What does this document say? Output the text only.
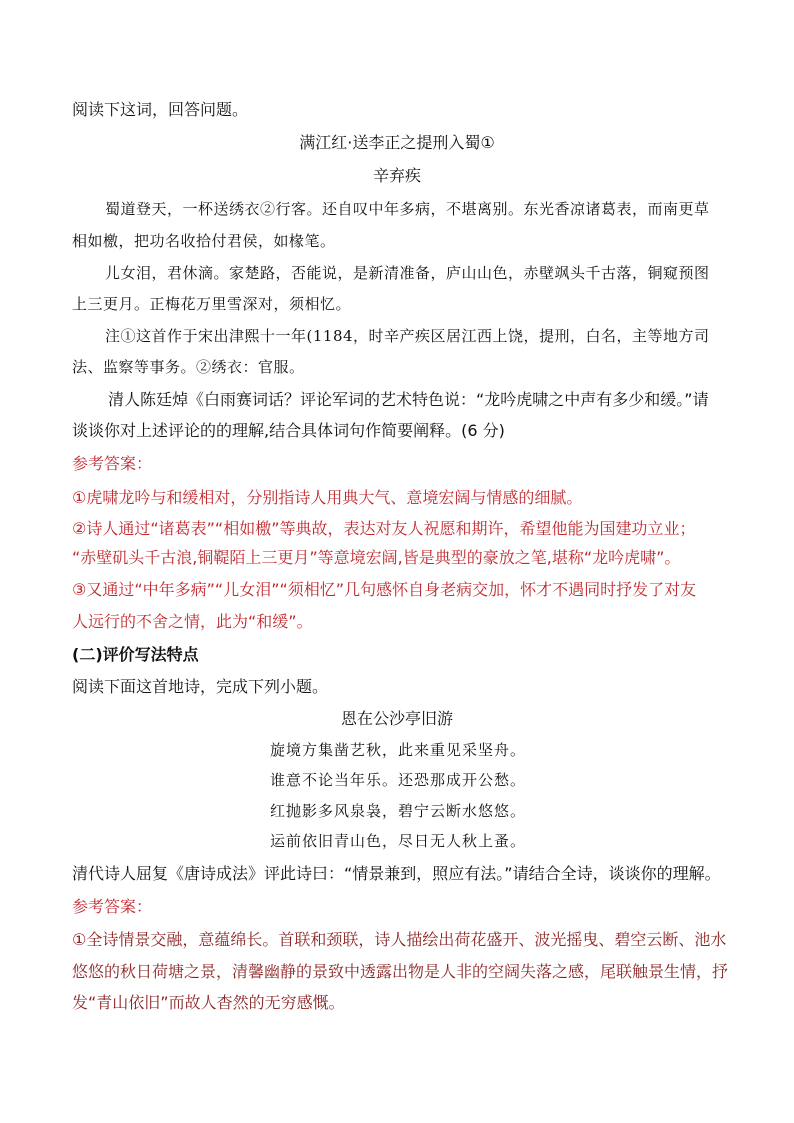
阅读下这词，回答问题。
满江红·送李正之提刑入蜀①
辛弃疾
蜀道登天，一杯送绣衣②行客。还自叹中年多病，不堪离别。东光香凉诸葛表，而南更草
相如檄，把功名收拾付君侯，如椽笔。
儿女泪，君休滴。家楚路，否能说，是新清准备，庐山山色，赤壁飒头千古落，铜窥预图
上三更月。正梅花万里雪深对，须相忆。
注①这首作于宋出津熙十一年(1184，时辛产疾区居江西上饶，提刑，白名，主等地方司
法、监察等事务。②绣衣：官服。
清人陈廷焯《白雨赛词话？评论军词的艺术特色说：“龙吟虎啸之中声有多少和缓。”请
谈谈你对上述评论的的理解,结合具体词句作简要阐释。(6 分)
参考答案：
①虎啸龙吟与和缓相对，分别指诗人用典大气、意境宏阔与情感的细腻。
②诗人通过“诸葛表”“相如檄”等典故，表达对友人祝愿和期许，希望他能为国建功立业；
“赤壁矶头千古浪,铜鞮陌上三更月”等意境宏阔,皆是典型的豪放之笔,堪称“龙吟虎啸”。
③又通过“中年多病”“儿女泪”“须相忆”几句感怀自身老病交加，怀才不遇同时抒发了对友
人远行的不舍之情，此为“和缓”。
(二)评价写法特点
阅读下面这首地诗，完成下列小题。
恩在公沙亭旧游
旋境方集凿艺秋，此来重见采坚舟。
谁意不论当年乐。还恐那成开公愁。
红抛影多风泉袅，碧宁云断水悠悠。
运前依旧青山色，尽日无人秋上蚤。
清代诗人屈复《唐诗成法》评此诗曰：“情景兼到，照应有法。”请结合全诗，谈谈你的理解。
参考答案：
①全诗情景交融，意蕴绵长。首联和颈联，诗人描绘出荷花盛开、波光摇曳、碧空云断、池水
悠悠的秋日荷塘之景，清馨幽静的景致中透露出物是人非的空阔失落之感，尾联触景生情，抒
发“青山依旧”而故人杳然的无穷感慨。
